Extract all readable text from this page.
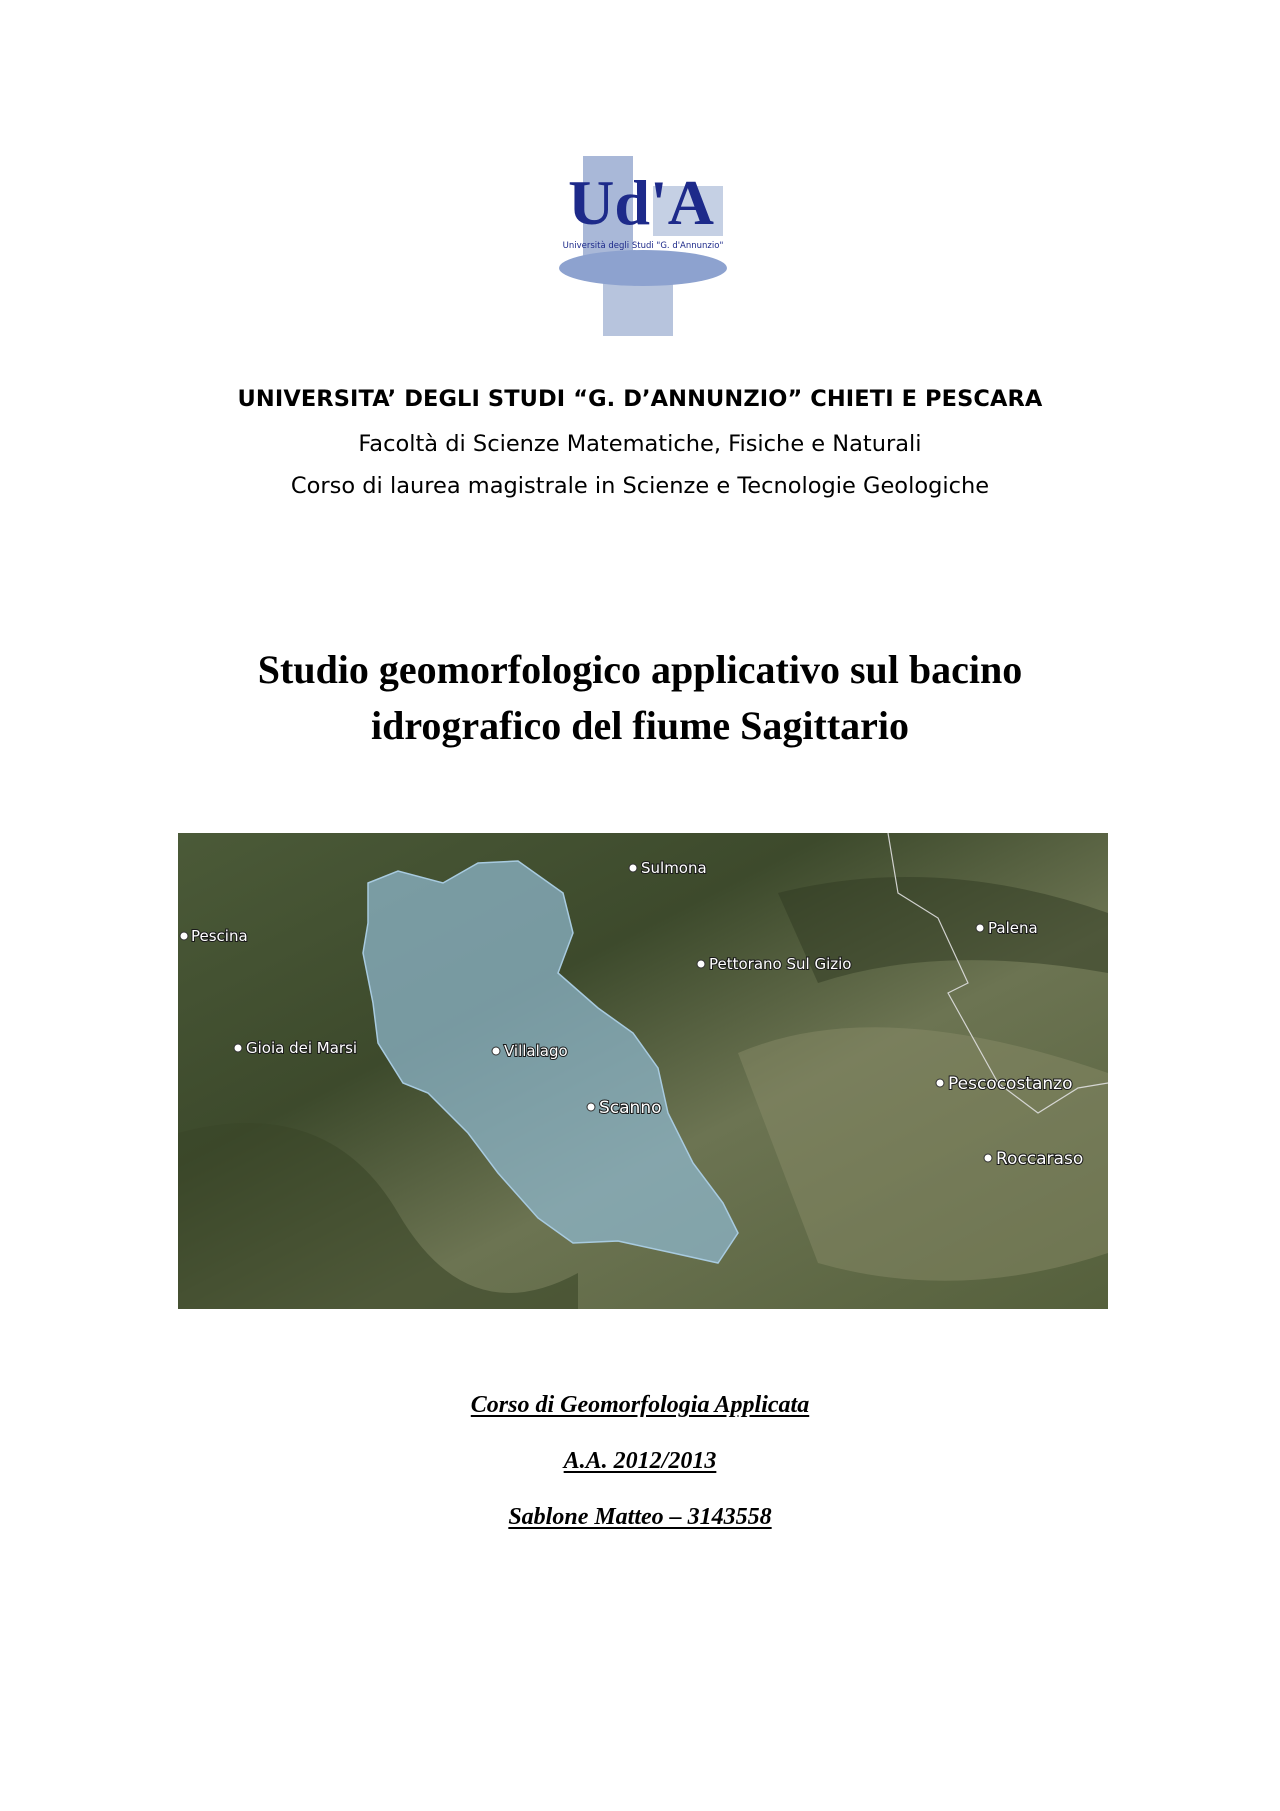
Ud'A
Università degli Studi "G. d'Annunzio"
UNIVERSITA’ DEGLI STUDI “G. D’ANNUNZIO” CHIETI E PESCARA
Facoltà di Scienze Matematiche, Fisiche e Naturali
Corso di laurea magistrale in Scienze e Tecnologie Geologiche
Studio geomorfologico applicativo sul bacino
idrografico del fiume Sagittario
Sulmona
Pescina	Palena
Pettorano Sul Gizio
Gioia dei Marsi	Villalago
Scanno
Pescocostanzo
Roccaraso
Corso di Geomorfologia Applicata
A.A. 2012/2013
Sablone Matteo – 3143558
